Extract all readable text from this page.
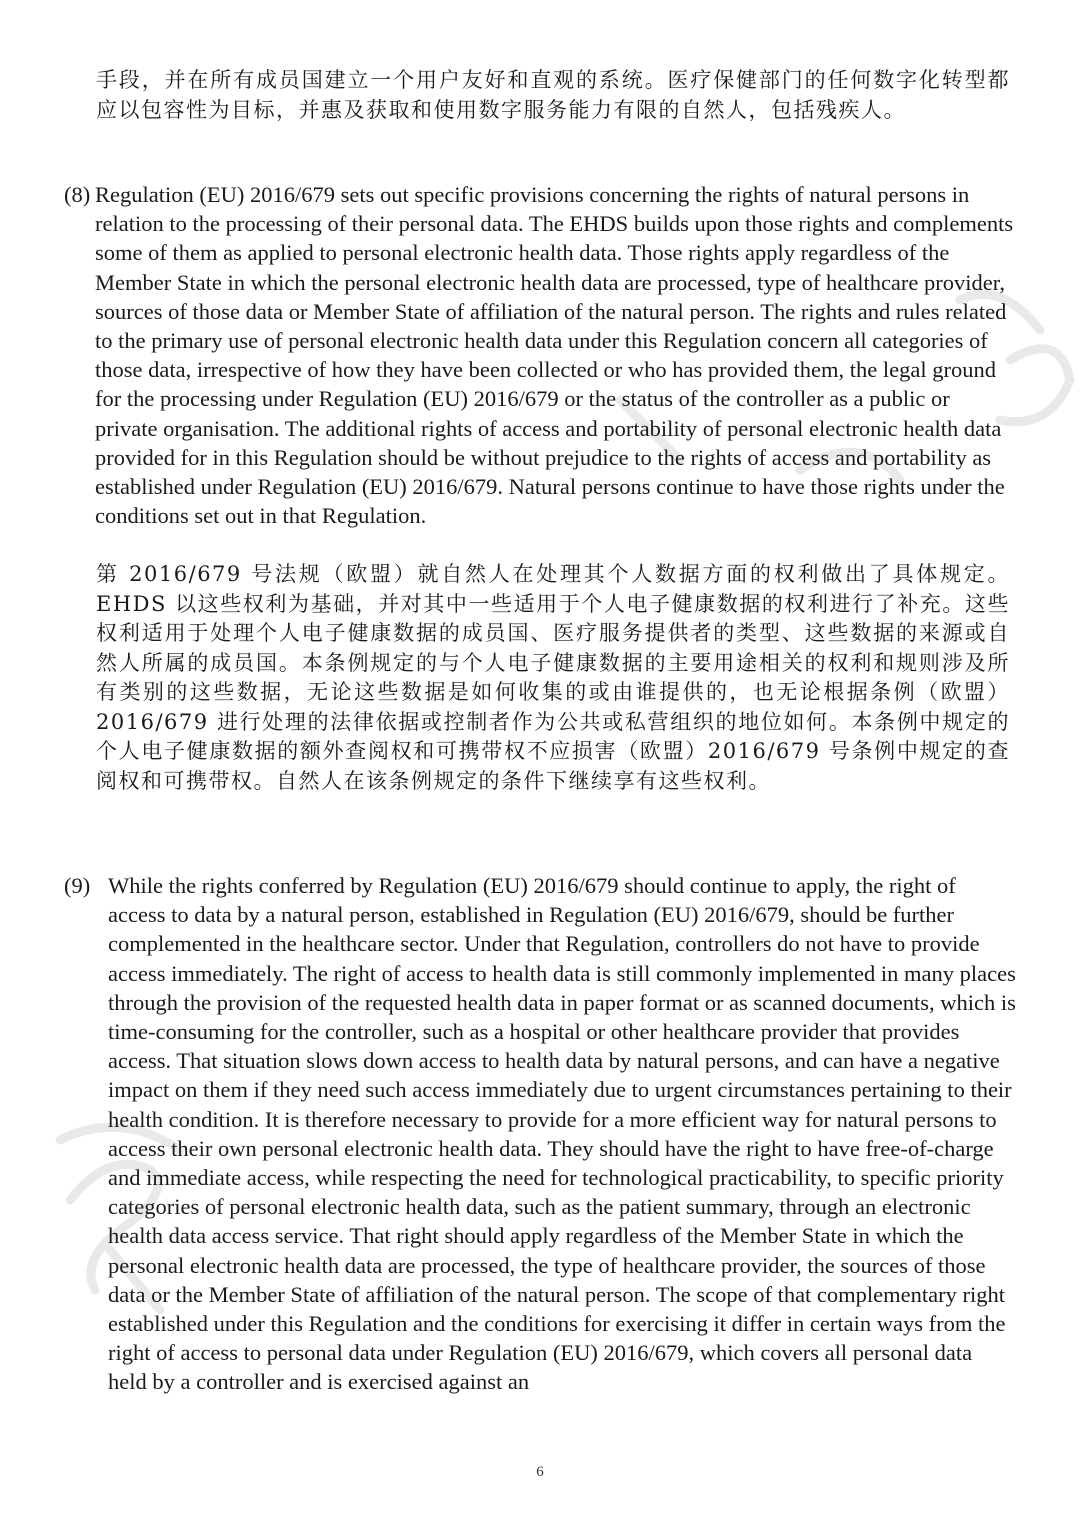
手段，并在所有成员国建立一个用户友好和直观的系统。医疗保健部门的任何数字化转型都应以包容性为目标，并惠及获取和使用数字服务能力有限的自然人，包括残疾人。
(8) Regulation (EU) 2016/679 sets out specific provisions concerning the rights of natural persons in relation to the processing of their personal data. The EHDS builds upon those rights and complements some of them as applied to personal electronic health data. Those rights apply regardless of the Member State in which the personal electronic health data are processed, type of healthcare provider, sources of those data or Member State of affiliation of the natural person. The rights and rules related to the primary use of personal electronic health data under this Regulation concern all categories of those data, irrespective of how they have been collected or who has provided them, the legal ground for the processing under Regulation (EU) 2016/679 or the status of the controller as a public or private organisation. The additional rights of access and portability of personal electronic health data provided for in this Regulation should be without prejudice to the rights of access and portability as established under Regulation (EU) 2016/679. Natural persons continue to have those rights under the conditions set out in that Regulation.
第 2016/679 号法规（欧盟）就自然人在处理其个人数据方面的权利做出了具体规定。EHDS 以这些权利为基础，并对其中一些适用于个人电子健康数据的权利进行了补充。这些权利适用于处理个人电子健康数据的成员国、医疗服务提供者的类型、这些数据的来源或自然人所属的成员国。本条例规定的与个人电子健康数据的主要用途相关的权利和规则涉及所有类别的这些数据，无论这些数据是如何收集的或由谁提供的，也无论根据条例（欧盟）2016/679 进行处理的法律依据或控制者作为公共或私营组织的地位如何。本条例中规定的个人电子健康数据的额外查阅权和可携带权不应损害（欧盟）2016/679 号条例中规定的查阅权和可携带权。自然人在该条例规定的条件下继续享有这些权利。
(9) While the rights conferred by Regulation (EU) 2016/679 should continue to apply, the right of access to data by a natural person, established in Regulation (EU) 2016/679, should be further complemented in the healthcare sector. Under that Regulation, controllers do not have to provide access immediately. The right of access to health data is still commonly implemented in many places through the provision of the requested health data in paper format or as scanned documents, which is time-consuming for the controller, such as a hospital or other healthcare provider that provides access. That situation slows down access to health data by natural persons, and can have a negative impact on them if they need such access immediately due to urgent circumstances pertaining to their health condition. It is therefore necessary to provide for a more efficient way for natural persons to access their own personal electronic health data. They should have the right to have free-of-charge and immediate access, while respecting the need for technological practicability, to specific priority categories of personal electronic health data, such as the patient summary, through an electronic health data access service. That right should apply regardless of the Member State in which the personal electronic health data are processed, the type of healthcare provider, the sources of those data or the Member State of affiliation of the natural person. The scope of that complementary right established under this Regulation and the conditions for exercising it differ in certain ways from the right of access to personal data under Regulation (EU) 2016/679, which covers all personal data held by a controller and is exercised against an
6
